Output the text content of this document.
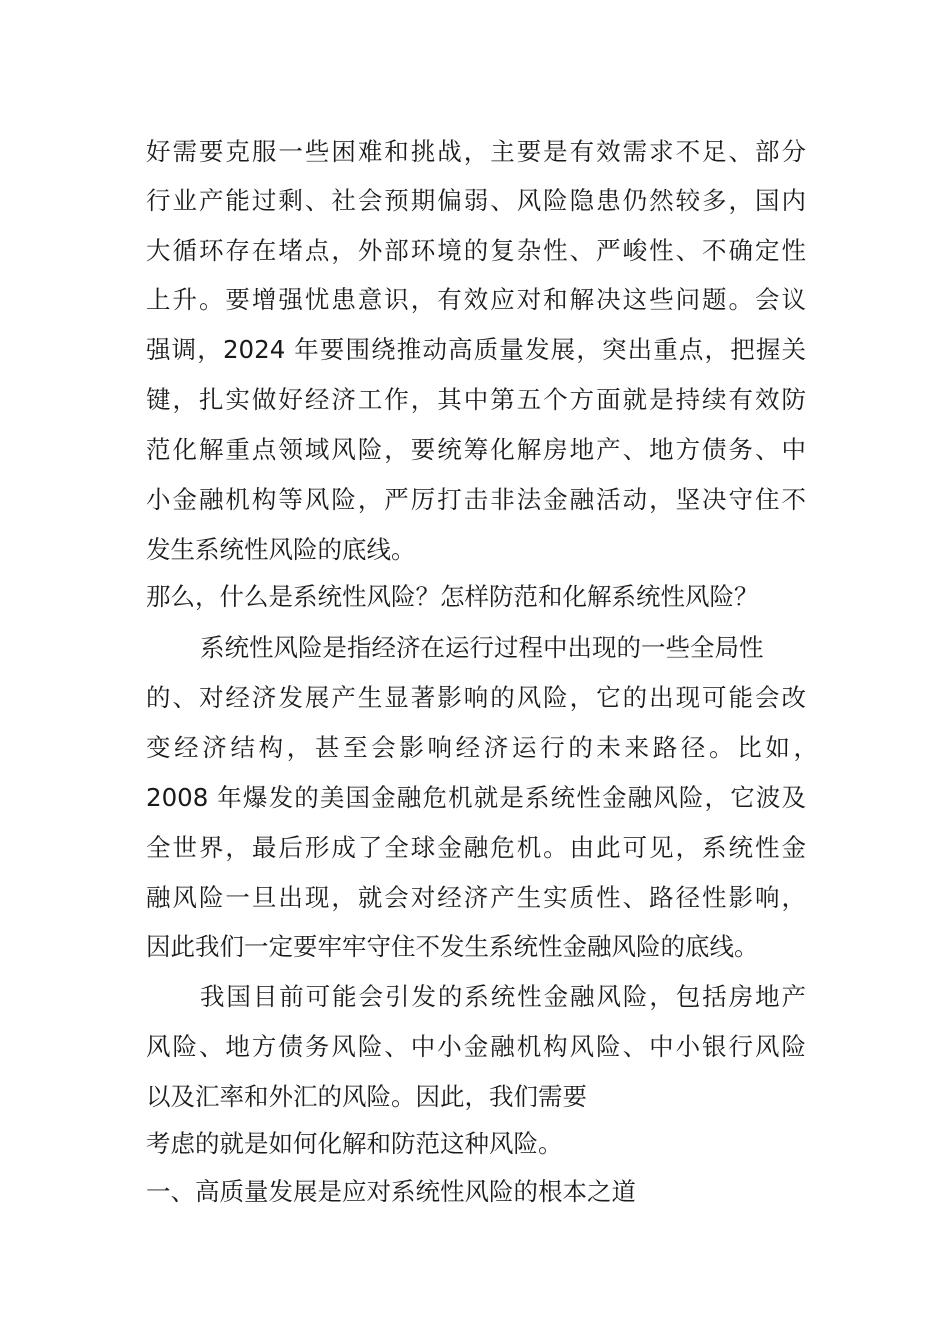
好需要克服一些困难和挑战，主要是有效需求不足、部分
行业产能过剩、社会预期偏弱、风险隐患仍然较多，国内
大循环存在堵点，外部环境的复杂性、严峻性、不确定性
上升。要增强忧患意识，有效应对和解决这些问题。会议
强调，2024 年要围绕推动高质量发展，突出重点，把握关
键，扎实做好经济工作，其中第五个方面就是持续有效防
范化解重点领域风险，要统筹化解房地产、地方债务、中
小金融机构等风险，严厉打击非法金融活动，坚决守住不
发生系统性风险的底线。
那么，什么是系统性风险？怎样防范和化解系统性风险？
系统性风险是指经济在运行过程中出现的一些全局性
的、对经济发展产生显著影响的风险，它的出现可能会改
变经济结构，甚至会影响经济运行的未来路径。比如，
2008 年爆发的美国金融危机就是系统性金融风险，它波及
全世界，最后形成了全球金融危机。由此可见，系统性金
融风险一旦出现，就会对经济产生实质性、路径性影响，
因此我们一定要牢牢守住不发生系统性金融风险的底线。
我国目前可能会引发的系统性金融风险，包括房地产
风险、地方债务风险、中小金融机构风险、中小银行风险
以及汇率和外汇的风险。因此，我们需要
考虑的就是如何化解和防范这种风险。
一、高质量发展是应对系统性风险的根本之道
